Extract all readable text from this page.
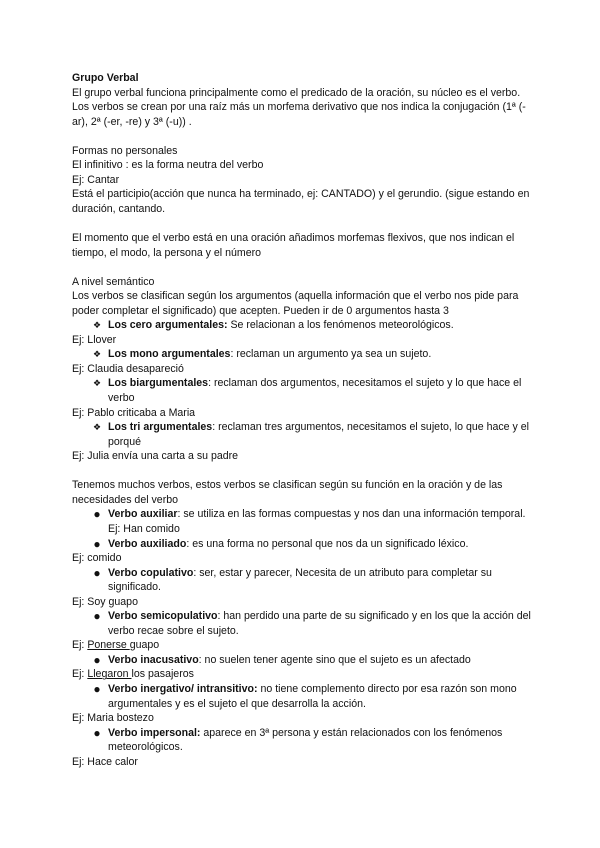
Grupo Verbal

El grupo verbal funciona principalmente como el predicado de la oración, su núcleo es el verbo. Los verbos se crean por una raíz más un morfema derivativo que nos indica la conjugación (1ª (-ar), 2ª (-er, -re) y 3ª (-u)) .

Formas no personales

El infinitivo : es la forma neutra del verbo

Ej: Cantar

Está el participio(acción que nunca ha terminado, ej: CANTADO) y el gerundio. (sigue estando en duración, cantando.

El momento que el verbo está en una oración añadimos morfemas flexivos, que nos indican el tiempo, el modo, la persona y el número

A nivel semántico

Los verbos se clasifican según los argumentos (aquella información que el verbo nos pide para poder completar el significado) que acepten. Pueden ir de 0 argumentos hasta 3

❖ Los cero argumentales: Se relacionan a los fenómenos meteorológicos.

Ej: Llover

❖ Los mono argumentales: reclaman un argumento ya sea un sujeto.

Ej: Claudia desapareció

❖ Los biargumentales: reclaman dos argumentos, necesitamos el sujeto y lo que hace el verbo

Ej: Pablo criticaba a Maria

❖ Los tri argumentales: reclaman tres argumentos, necesitamos el sujeto, lo que hace y el porqué

Ej: Julia envía una carta a su padre

Tenemos muchos verbos, estos verbos se clasifican según su función en la oración y de las necesidades del verbo

● Verbo auxiliar: se utiliza en las formas compuestas y nos dan una información temporal. Ej: Han comido

● Verbo auxiliado: es una forma no personal que nos da un significado léxico.

Ej: comido

● Verbo copulativo: ser, estar y parecer, Necesita de un atributo para completar su significado.

Ej: Soy guapo

● Verbo semicopulativo: han perdido una parte de su significado y en los que la acción del verbo recae sobre el sujeto.

Ej: Ponerse guapo

● Verbo inacusativo: no suelen tener agente sino que el sujeto es un afectado

Ej: Llegaron los pasajeros

● Verbo inergativo/ intransitivo: no tiene complemento directo por esa razón son mono argumentales y es el sujeto el que desarrolla la acción.

Ej: Maria bostezo

● Verbo impersonal: aparece en 3ª persona y están relacionados con los fenómenos meteorológicos.

Ej: Hace calor
